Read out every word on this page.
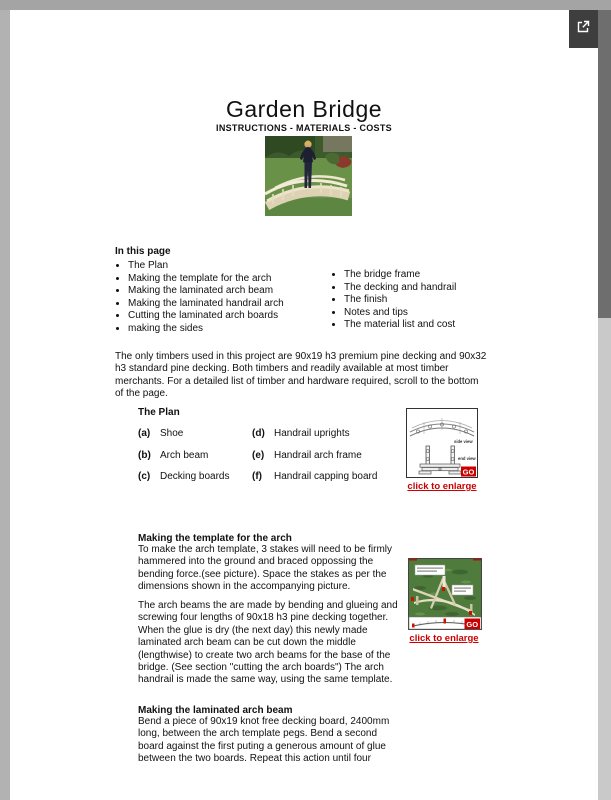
Garden Bridge
INSTRUCTIONS - MATERIALS - COSTS
In this page
• The Plan
• Making the template for the arch
• Making the laminated arch beam
• Making the laminated handrail arch
• Cutting the laminated arch boards
• making the sides
• The bridge frame
• The decking and handrail
• The finish
• Notes and tips
• The material list and cost

The only timbers used in this project are 90x19 h3 premium pine decking and 90x32 h3 standard pine decking. Both timbers and readily available at most timber merchants. For a detailed list of timber and hardware required, scroll to the bottom of the page.

The Plan
(a) Shoe	(d) Handrail uprights
(b) Arch beam	(e) Handrail arch frame
(c) Decking boards (f) Handrail capping board
side view
end view
GO
click to enlarge
Making the template for the arch

To make the arch template, 3 stakes will need to be firmly hammered into the ground and braced oppossing the bending force.(see picture). Space the stakes as per the dimensions shown in the accompanying picture.

The arch beams the are made by bending and glueing and screwing four lengths of 90x18 h3 pine decking together. When the glue is dry (the next day) this newly made laminated arch beam can be cut down the middle (lengthwise) to create two arch beams for the base of the bridge. (See section "cutting the arch boards") The arch handrail is made the same way, using the same template.

GO
click to enlarge
Making the laminated arch beam

Bend a piece of 90x19 knot free decking board, 2400mm long, between the arch template pegs. Bend a second board against the first puting a generous amount of glue between the two boards. Repeat this action until four
